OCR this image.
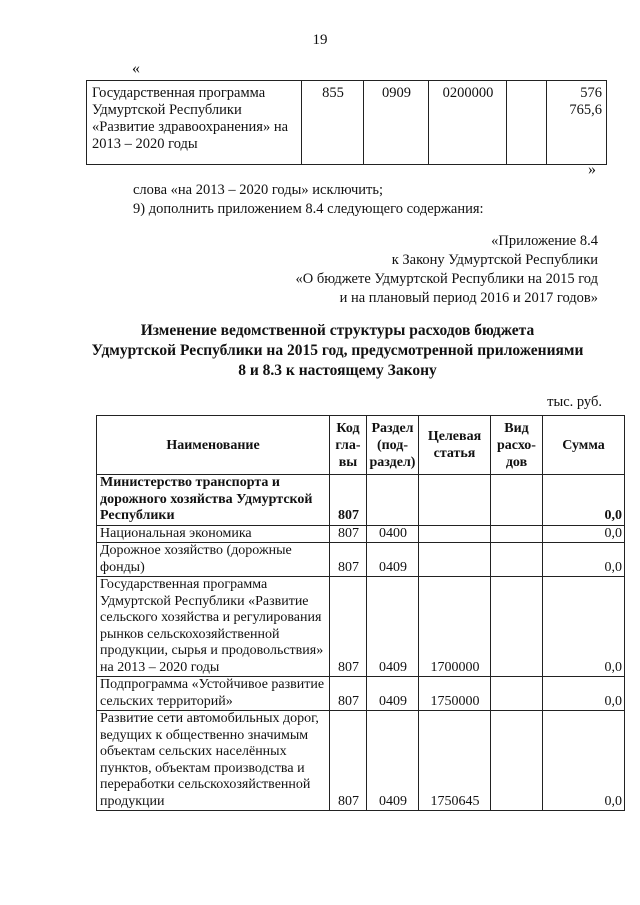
19
«
Государственная программа Удмуртской Республики «Развитие здравоохранения» на 2013 – 2020 годы	855	0909	0200000		576 765,6
»
слова «на 2013 – 2020 годы» исключить;
9) дополнить приложением 8.4 следующего содержания:
«Приложение 8.4
к Закону Удмуртской Республики
«О бюджете Удмуртской Республики на 2015 год
и на плановый период 2016 и 2017 годов»
Изменение ведомственной структуры расходов бюджета
Удмуртской Республики на 2015 год, предусмотренной приложениями
8 и 8.3 к настоящему Закону
тыс. руб.
Наименование	Код гла-вы	Раздел (под-раздел)	Целевая статья	Вид расхо-дов	Сумма
Министерство транспорта и дорожного хозяйства Удмуртской Республики	807				0,0
Национальная экономика	807	0400			0,0
Дорожное хозяйство (дорожные фонды)	807	0409			0,0
Государственная программа Удмуртской Республики «Развитие сельского хозяйства и регулирования рынков сельскохозяйственной продукции, сырья и продовольствия» на 2013 – 2020 годы	807	0409	1700000		0,0
Подпрограмма «Устойчивое развитие сельских территорий»	807	0409	1750000		0,0
Развитие сети автомобильных дорог, ведущих к общественно значимым объектам сельских населённых пунктов, объектам производства и переработки сельскохозяйственной продукции	807	0409	1750645		0,0
